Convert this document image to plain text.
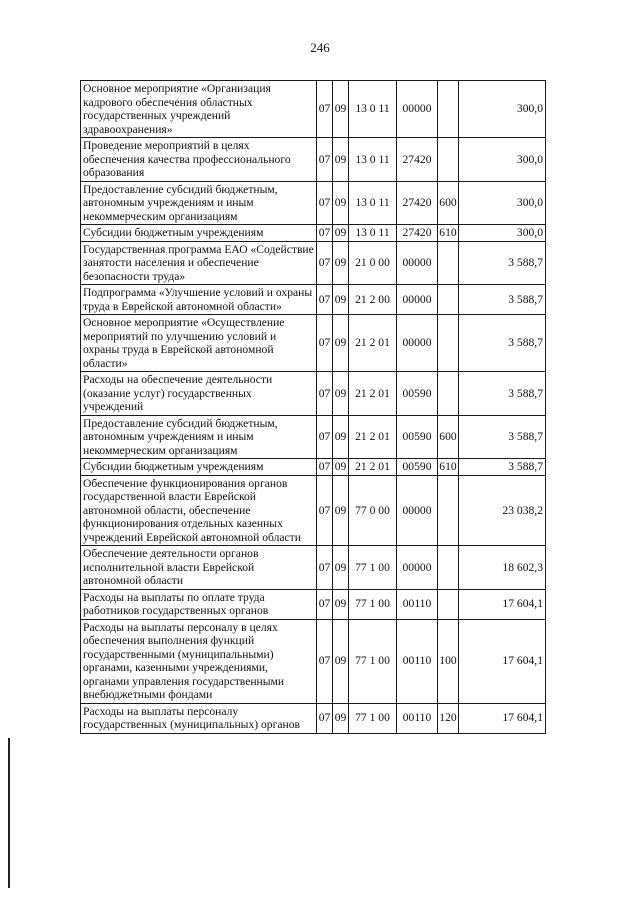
246
Основное мероприятие «Организация кадрового обеспечения областных государственных учреждений здравоохранения»	07	09	13 0 11	00000		300,0
Проведение мероприятий в целях обеспечения качества профессионального образования	07	09	13 0 11	27420		300,0
Предоставление субсидий бюджетным, автономным учреждениям и иным некоммерческим организациям	07	09	13 0 11	27420	600	300,0
Субсидии бюджетным учреждениям	07	09	13 0 11	27420	610	300,0
Государственная программа ЕАО «Содействие занятости населения и обеспечение безопасности труда»	07	09	21 0 00	00000		3 588,7
Подпрограмма «Улучшение условий и охраны труда в Еврейской автономной области»	07	09	21 2 00	00000		3 588,7
Основное мероприятие «Осуществление мероприятий по улучшению условий и охраны труда в Еврейской автономной области»	07	09	21 2 01	00000		3 588,7
Расходы на обеспечение деятельности (оказание услуг) государственных учреждений	07	09	21 2 01	00590		3 588,7
Предоставление субсидий бюджетным, автономным учреждениям и иным некоммерческим организациям	07	09	21 2 01	00590	600	3 588,7
Субсидии бюджетным учреждениям	07	09	21 2 01	00590	610	3 588,7
Обеспечение функционирования органов государственной власти Еврейской автономной области, обеспечение функционирования отдельных казенных учреждений Еврейской автономной области	07	09	77 0 00	00000		23 038,2
Обеспечение деятельности органов исполнительной власти Еврейской автономной области	07	09	77 1 00	00000		18 602,3
Расходы на выплаты по оплате труда работников государственных органов	07	09	77 1 00	00110		17 604,1
Расходы на выплаты персоналу в целях обеспечения выполнения функций государственными (муниципальными) органами, казенными учреждениями, органами управления государственными внебюджетными фондами	07	09	77 1 00	00110	100	17 604,1
Расходы на выплаты персоналу государственных (муниципальных) органов	07	09	77 1 00	00110	120	17 604,1
